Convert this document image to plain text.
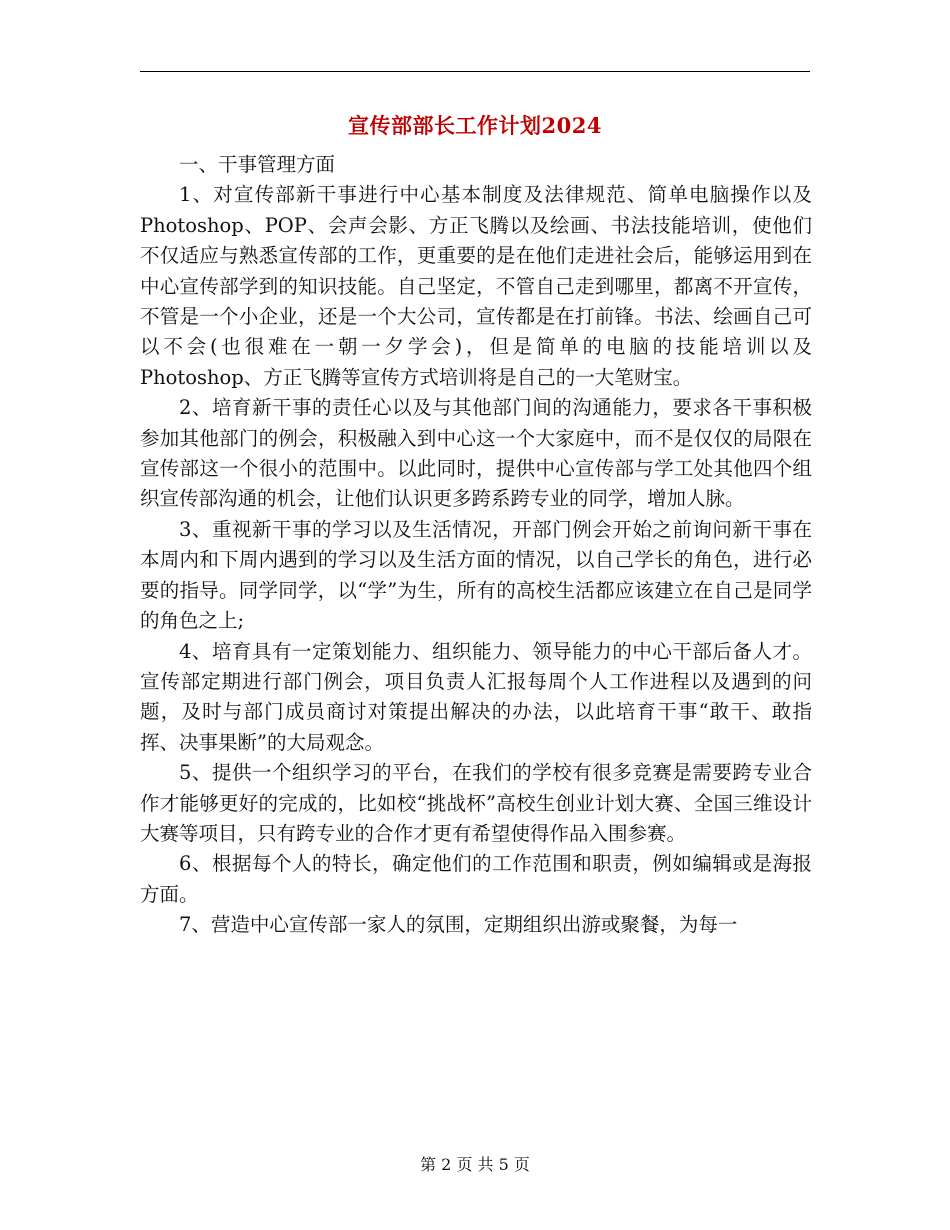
宣传部部长工作计划2024

一、干事管理方面

1、对宣传部新干事进行中心基本制度及法律规范、简单电脑操作以及Photoshop、POP、会声会影、方正飞腾以及绘画、书法技能培训，使他们不仅适应与熟悉宣传部的工作，更重要的是在他们走进社会后，能够运用到在中心宣传部学到的知识技能。自己坚定，不管自己走到哪里，都离不开宣传，不管是一个小企业，还是一个大公司，宣传都是在打前锋。书法、绘画自己可以不会(也很难在一朝一夕学会)，但是简单的电脑的技能培训以及Photoshop、方正飞腾等宣传方式培训将是自己的一大笔财宝。

2、培育新干事的责任心以及与其他部门间的沟通能力，要求各干事积极参加其他部门的例会，积极融入到中心这一个大家庭中，而不是仅仅的局限在宣传部这一个很小的范围中。以此同时，提供中心宣传部与学工处其他四个组织宣传部沟通的机会，让他们认识更多跨系跨专业的同学，增加人脉。

3、重视新干事的学习以及生活情况，开部门例会开始之前询问新干事在本周内和下周内遇到的学习以及生活方面的情况，以自己学长的角色，进行必要的指导。同学同学，以“学”为生，所有的高校生活都应该建立在自己是同学的角色之上;

4、培育具有一定策划能力、组织能力、领导能力的中心干部后备人才。宣传部定期进行部门例会，项目负责人汇报每周个人工作进程以及遇到的问题，及时与部门成员商讨对策提出解决的办法，以此培育干事“敢干、敢指挥、决事果断”的大局观念。

5、提供一个组织学习的平台，在我们的学校有很多竞赛是需要跨专业合作才能够更好的完成的，比如校“挑战杯”高校生创业计划大赛、全国三维设计大赛等项目，只有跨专业的合作才更有希望使得作品入围参赛。

6、根据每个人的特长，确定他们的工作范围和职责，例如编辑或是海报方面。

7、营造中心宣传部一家人的氛围，定期组织出游或聚餐，为每一

第 2 页 共 5 页
